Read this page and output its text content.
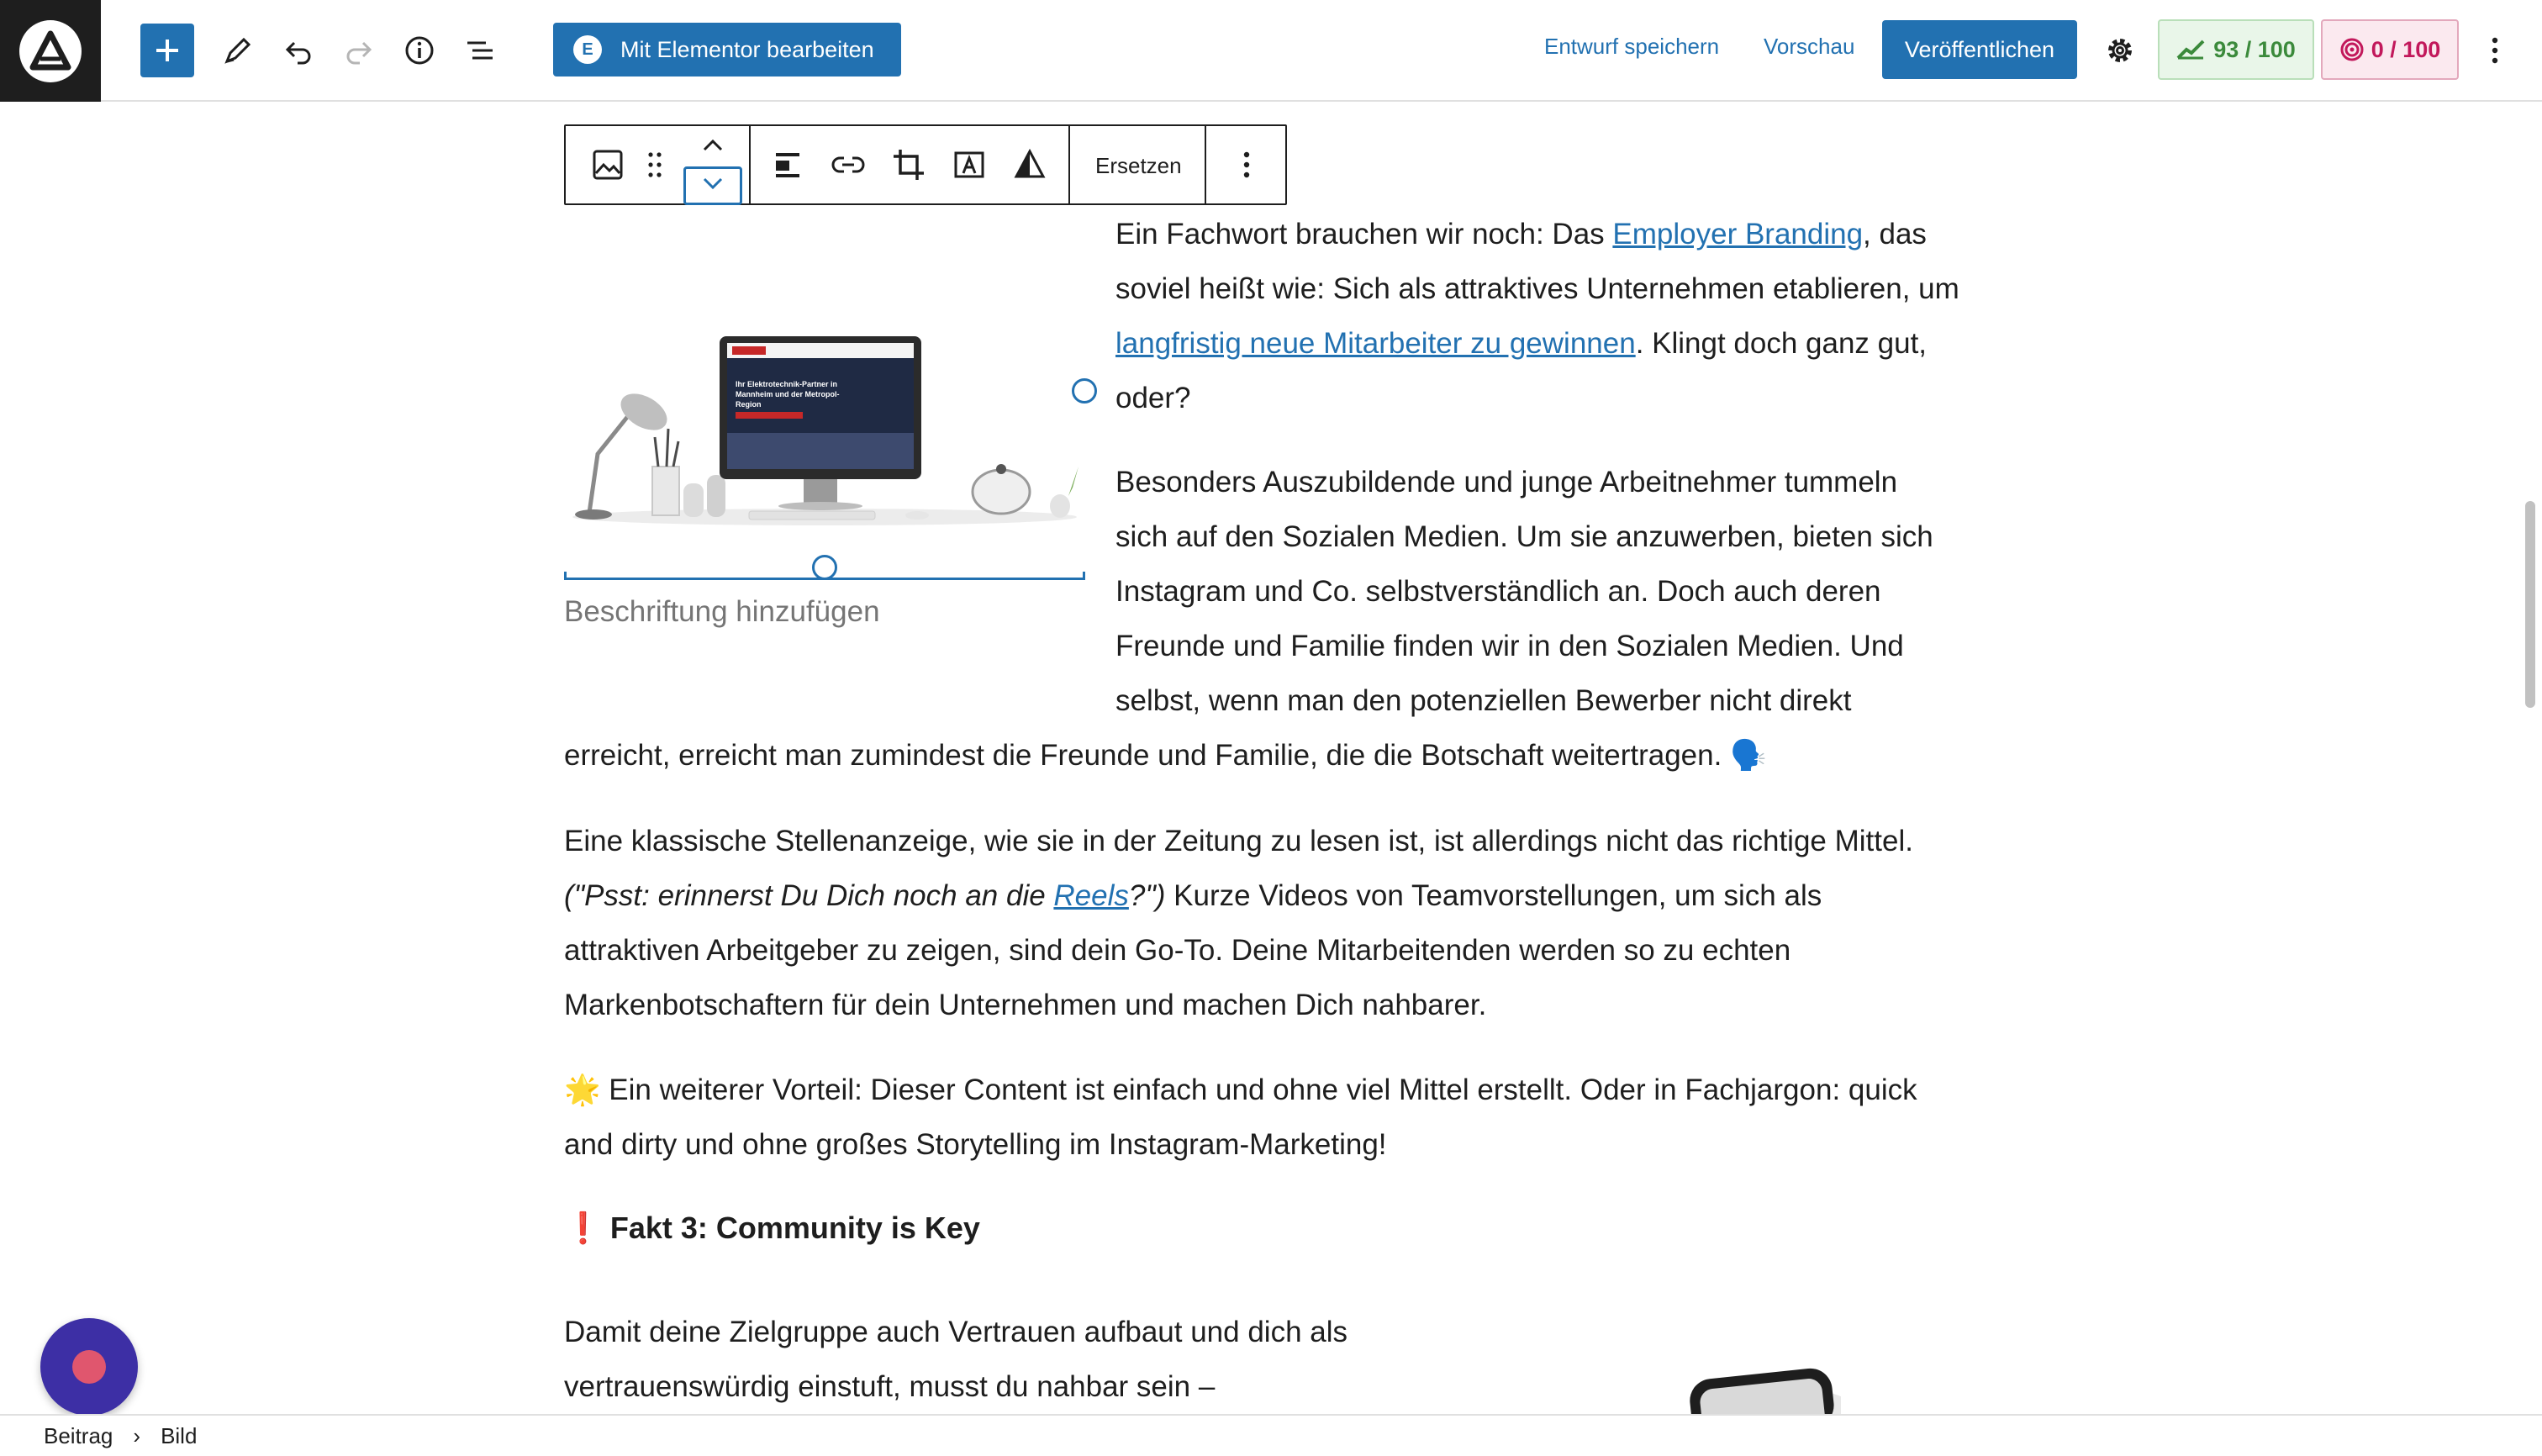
E	Mit Elementor bearbeiten	Entwurf speichern Vorschau	Veröffentlichen	93 / 100	0 / 100
Ersetzen
Ihr Elektrotechnik-Partner in
Mannheim und der Metropol-
Region
Beschriftung hinzufügen
Ein Fachwort brauchen wir noch: Das Employer Branding, das soviel heißt wie: Sich als attraktives Unternehmen etablieren, um langfristig neue Mitarbeiter zu gewinnen. Klingt doch ganz gut, oder?
Besonders Auszubildende und junge Arbeitnehmer tummeln
sich auf den Sozialen Medien. Um sie anzuwerben, bieten sich
Instagram und Co. selbstverständlich an. Doch auch deren
Freunde und Familie finden wir in den Sozialen Medien. Und
selbst, wenn man den potenziellen Bewerber nicht direkt
erreicht, erreicht man zumindest die Freunde und Familie, die die Botschaft weitertragen. 🗣️
Eine klassische Stellenanzeige, wie sie in der Zeitung zu lesen ist, ist allerdings nicht das richtige Mittel.
("Psst: erinnerst Du Dich noch an die Reels?") Kurze Videos von Teamvorstellungen, um sich als
attraktiven Arbeitgeber zu zeigen, sind dein Go-To. Deine Mitarbeitenden werden so zu echten
Markenbotschaftern für dein Unternehmen und machen Dich nahbarer.
🌟 Ein weiterer Vorteil: Dieser Content ist einfach und ohne viel Mittel erstellt. Oder in Fachjargon: quick
and dirty und ohne großes Storytelling im Instagram-Marketing!
❗ Fakt 3: Community is Key
Damit deine Zielgruppe auch Vertrauen aufbaut und dich als
vertrauenswürdig einstuft, musst du nahbar sein –
Beitrag › Bild
